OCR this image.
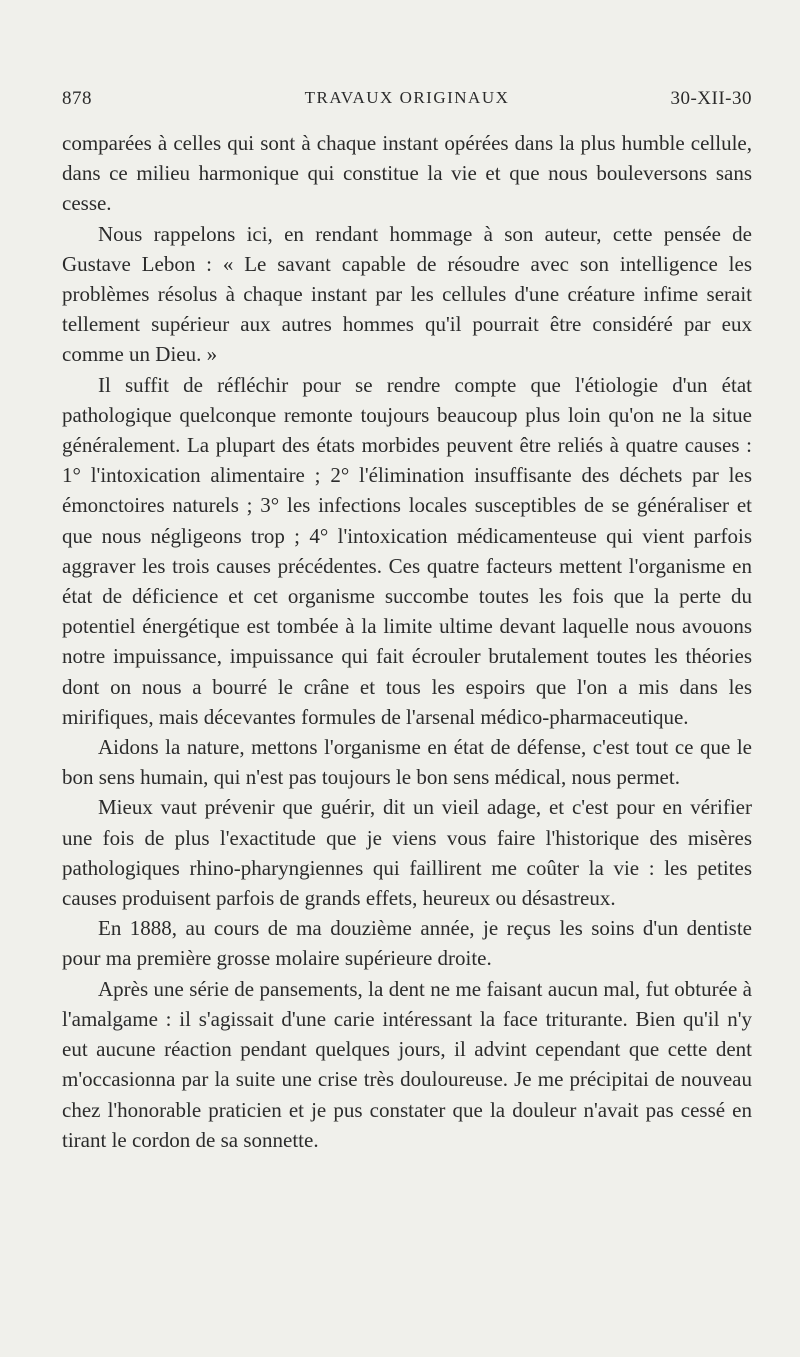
878	TRAVAUX ORIGINAUX	30-XII-30

comparées à celles qui sont à chaque instant opérées dans la plus humble cellule, dans ce milieu harmonique qui constitue la vie et que nous bouleversons sans cesse.

Nous rappelons ici, en rendant hommage à son auteur, cette pensée de Gustave Lebon : « Le savant capable de résoudre avec son intelligence les problèmes résolus à chaque instant par les cellules d'une créature infime serait tellement supérieur aux autres hommes qu'il pourrait être considéré par eux comme un Dieu. »

Il suffit de réfléchir pour se rendre compte que l'étiologie d'un état pathologique quelconque remonte toujours beaucoup plus loin qu'on ne la situe généralement. La plupart des états morbides peuvent être reliés à quatre causes : 1° l'intoxication alimentaire ; 2° l'élimination insuffisante des déchets par les émonctoires naturels ; 3° les infections locales susceptibles de se généraliser et que nous négligeons trop ; 4° l'intoxication médicamenteuse qui vient parfois aggraver les trois causes précédentes. Ces quatre facteurs mettent l'organisme en état de déficience et cet organisme succombe toutes les fois que la perte du potentiel énergétique est tombée à la limite ultime devant laquelle nous avouons notre impuissance, impuissance qui fait écrouler brutalement toutes les théories dont on nous a bourré le crâne et tous les espoirs que l'on a mis dans les mirifiques, mais décevantes formules de l'arsenal médico-pharmaceutique.

Aidons la nature, mettons l'organisme en état de défense, c'est tout ce que le bon sens humain, qui n'est pas toujours le bon sens médical, nous permet.

Mieux vaut prévenir que guérir, dit un vieil adage, et c'est pour en vérifier une fois de plus l'exactitude que je viens vous faire l'historique des misères pathologiques rhino-pharyngiennes qui faillirent me coûter la vie : les petites causes produisent parfois de grands effets, heureux ou désastreux.

En 1888, au cours de ma douzième année, je reçus les soins d'un dentiste pour ma première grosse molaire supérieure droite.

Après une série de pansements, la dent ne me faisant aucun mal, fut obturée à l'amalgame : il s'agissait d'une carie intéressant la face triturante. Bien qu'il n'y eut aucune réaction pendant quelques jours, il advint cependant que cette dent m'occasionna par la suite une crise très douloureuse. Je me précipitai de nouveau chez l'honorable praticien et je pus constater que la douleur n'avait pas cessé en tirant le cordon de sa sonnette.
